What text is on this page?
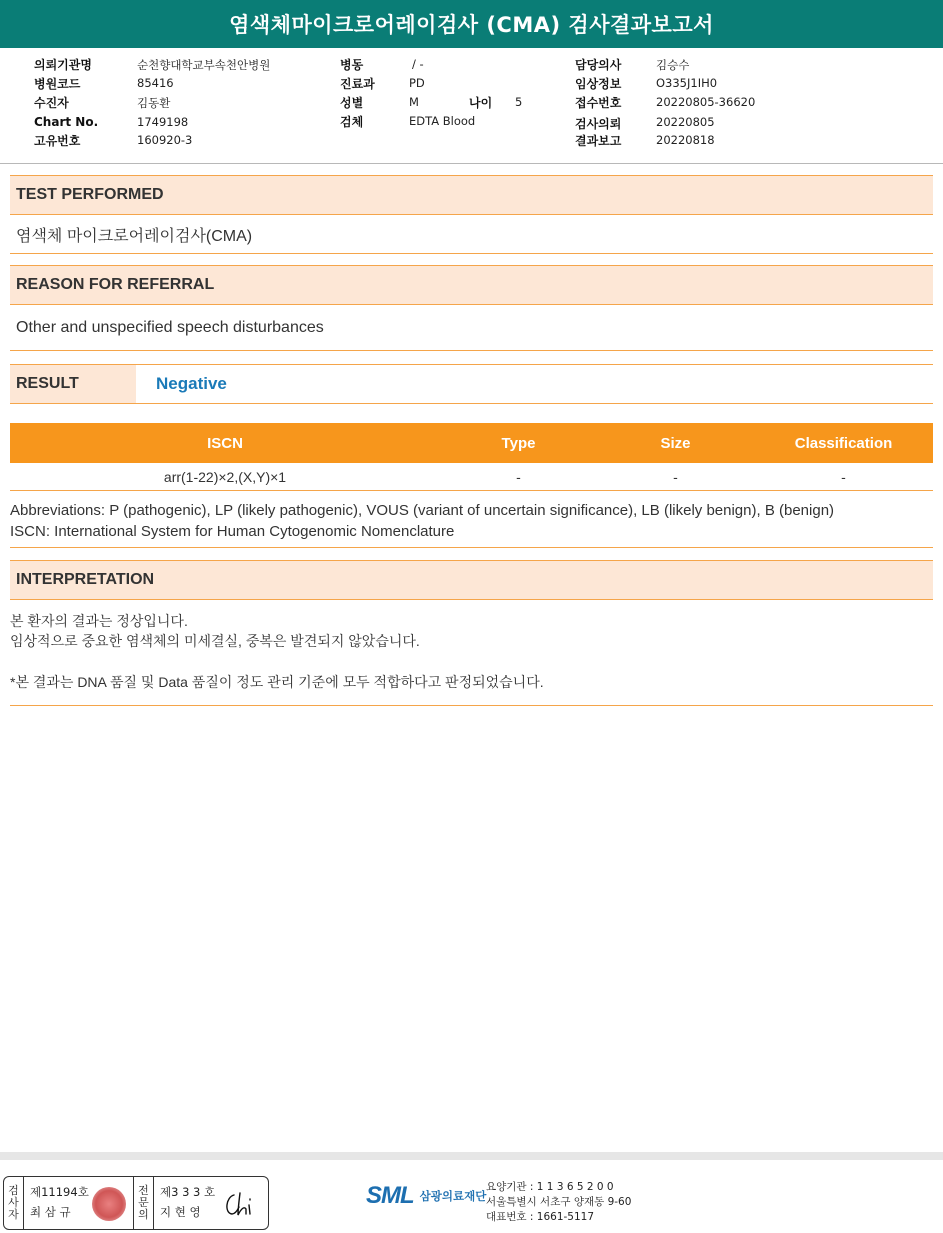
염색체마이크로어레이검사 (CMA) 검사결과보고서
의뢰기관명	순천향대학교부속천안병원
병원코드	85416
수진자	김동환
Chart No.	1749198
고유번호	160920-3
병동	/ -
진료과	PD
성별	M	나이 5
검체	EDTA Blood
담당의사	김승수
임상정보	O335J1IH0
접수번호	20220805-36620
검사의뢰	20220805
결과보고	20220818
TEST PERFORMED
염색체 마이크로어레이검사(CMA)
REASON FOR REFERRAL
Other and unspecified speech disturbances
RESULT	Negative
ISCN	Type	Size	Classification
arr(1-22)×2,(X,Y)×1	-	-	-
Abbreviations: P (pathogenic), LP (likely pathogenic), VOUS (variant of uncertain significance), LB (likely benign), B (benign)
ISCN: International System for Human Cytogenomic Nomenclature
INTERPRETATION

본 환자의 결과는 정상입니다.

임상적으로 중요한 염색체의 미세결실, 중복은 발견되지 않았습니다.

*본 결과는 DNA 품질 및 Data 품질이 정도 관리 기준에 모두 적합하다고 판정되었습니다.

검
사
자
제11194호
최 삼 규
전
문
의
제3 3 3 호
지 현 영
SML 삼광의료재단
요양기관 : 1 1 3 6 5 2 0 0
서울특별시 서초구 양재동 9-60
대표번호 : 1661-5117
